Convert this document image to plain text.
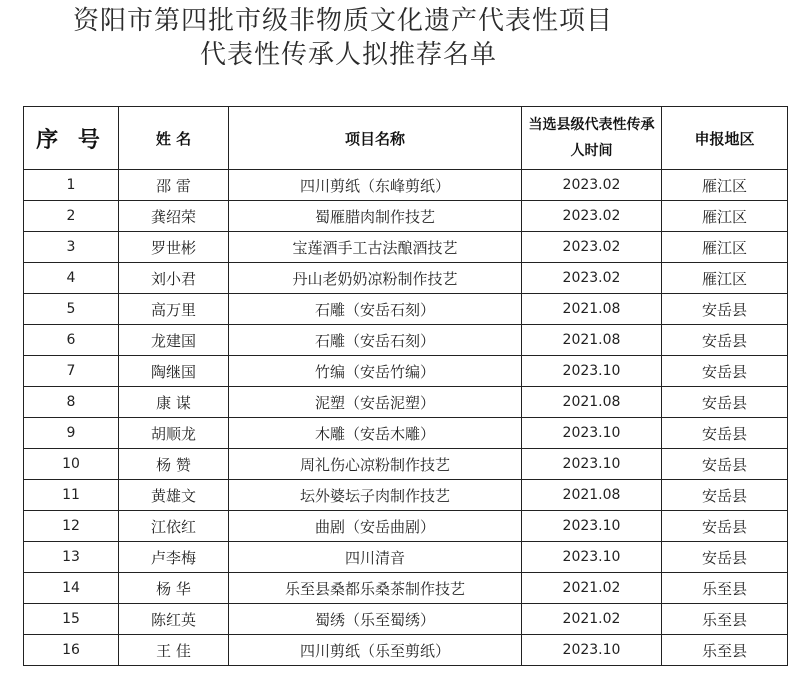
资阳市第四批市级非物质文化遗产代表性项目
代表性传承人拟推荐名单
序 号	姓 名	项目名称	当选县级代表性传承人时间	申报地区
1	邵 雷	四川剪纸（东峰剪纸）	2023.02	雁江区
2	龚绍荣	蜀雁腊肉制作技艺	2023.02	雁江区
3	罗世彬	宝莲酒手工古法酿酒技艺	2023.02	雁江区
4	刘小君	丹山老奶奶凉粉制作技艺	2023.02	雁江区
5	高万里	石雕（安岳石刻）	2021.08	安岳县
6	龙建国	石雕（安岳石刻）	2021.08	安岳县
7	陶继国	竹编（安岳竹编）	2023.10	安岳县
8	康 谋	泥塑（安岳泥塑）	2021.08	安岳县
9	胡顺龙	木雕（安岳木雕）	2023.10	安岳县
10	杨 赞	周礼伤心凉粉制作技艺	2023.10	安岳县
11	黄雄文	坛外婆坛子肉制作技艺	2021.08	安岳县
12	江依红	曲剧（安岳曲剧）	2023.10	安岳县
13	卢李梅	四川清音	2023.10	安岳县
14	杨 华	乐至县桑都乐桑茶制作技艺	2021.02	乐至县
15	陈红英	蜀绣（乐至蜀绣）	2021.02	乐至县
16	王 佳	四川剪纸（乐至剪纸）	2023.10	乐至县
